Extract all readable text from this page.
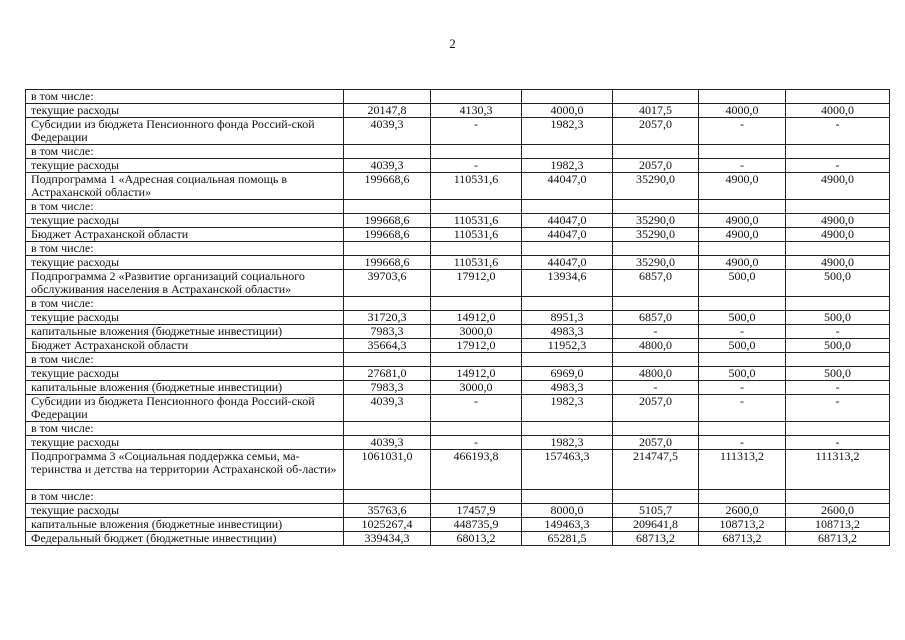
2
в том числе:						
текущие расходы	20147,8	4130,3	4000,0	4017,5	4000,0	4000,0
Субсидии из бюджета Пенсионного фонда Россий-ской Федерации	4039,3	-	1982,3	2057,0	-	-
в том числе:						
текущие расходы	4039,3	-	1982,3	2057,0	-	-
Подпрограмма 1 «Адресная социальная помощь в Астраханской области»	199668,6	110531,6	44047,0	35290,0	4900,0	4900,0
в том числе:						
текущие расходы	199668,6	110531,6	44047,0	35290,0	4900,0	4900,0
Бюджет Астраханской области	199668,6	110531,6	44047,0	35290,0	4900,0	4900,0
в том числе:						
текущие расходы	199668,6	110531,6	44047,0	35290,0	4900,0	4900,0
Подпрограмма 2 «Развитие организаций социального обслуживания населения в Астраханской области»	39703,6	17912,0	13934,6	6857,0	500,0	500,0
в том числе:						
текущие расходы	31720,3	14912,0	8951,3	6857,0	500,0	500,0
капитальные вложения (бюджетные инвестиции)	7983,3	3000,0	4983,3	-	-	-
Бюджет Астраханской области	35664,3	17912,0	11952,3	4800,0	500,0	500,0
в том числе:						
текущие расходы	27681,0	14912,0	6969,0	4800,0	500,0	500,0
капитальные вложения (бюджетные инвестиции)	7983,3	3000,0	4983,3	-	-	-
Субсидии из бюджета Пенсионного фонда Россий-ской Федерации	4039,3	-	1982,3	2057,0	-	-
в том числе:						
текущие расходы	4039,3	-	1982,3	2057,0	-	-
Подпрограмма 3 «Социальная поддержка семьи, ма-теринства и детства на территории Астраханской об-ласти»	1061031,0	466193,8	157463,3	214747,5	111313,2	111313,2
в том числе:						
текущие расходы	35763,6	17457,9	8000,0	5105,7	2600,0	2600,0
капитальные вложения (бюджетные инвестиции)	1025267,4	448735,9	149463,3	209641,8	108713,2	108713,2
Федеральный бюджет (бюджетные инвестиции)	339434,3	68013,2	65281,5	68713,2	68713,2	68713,2
